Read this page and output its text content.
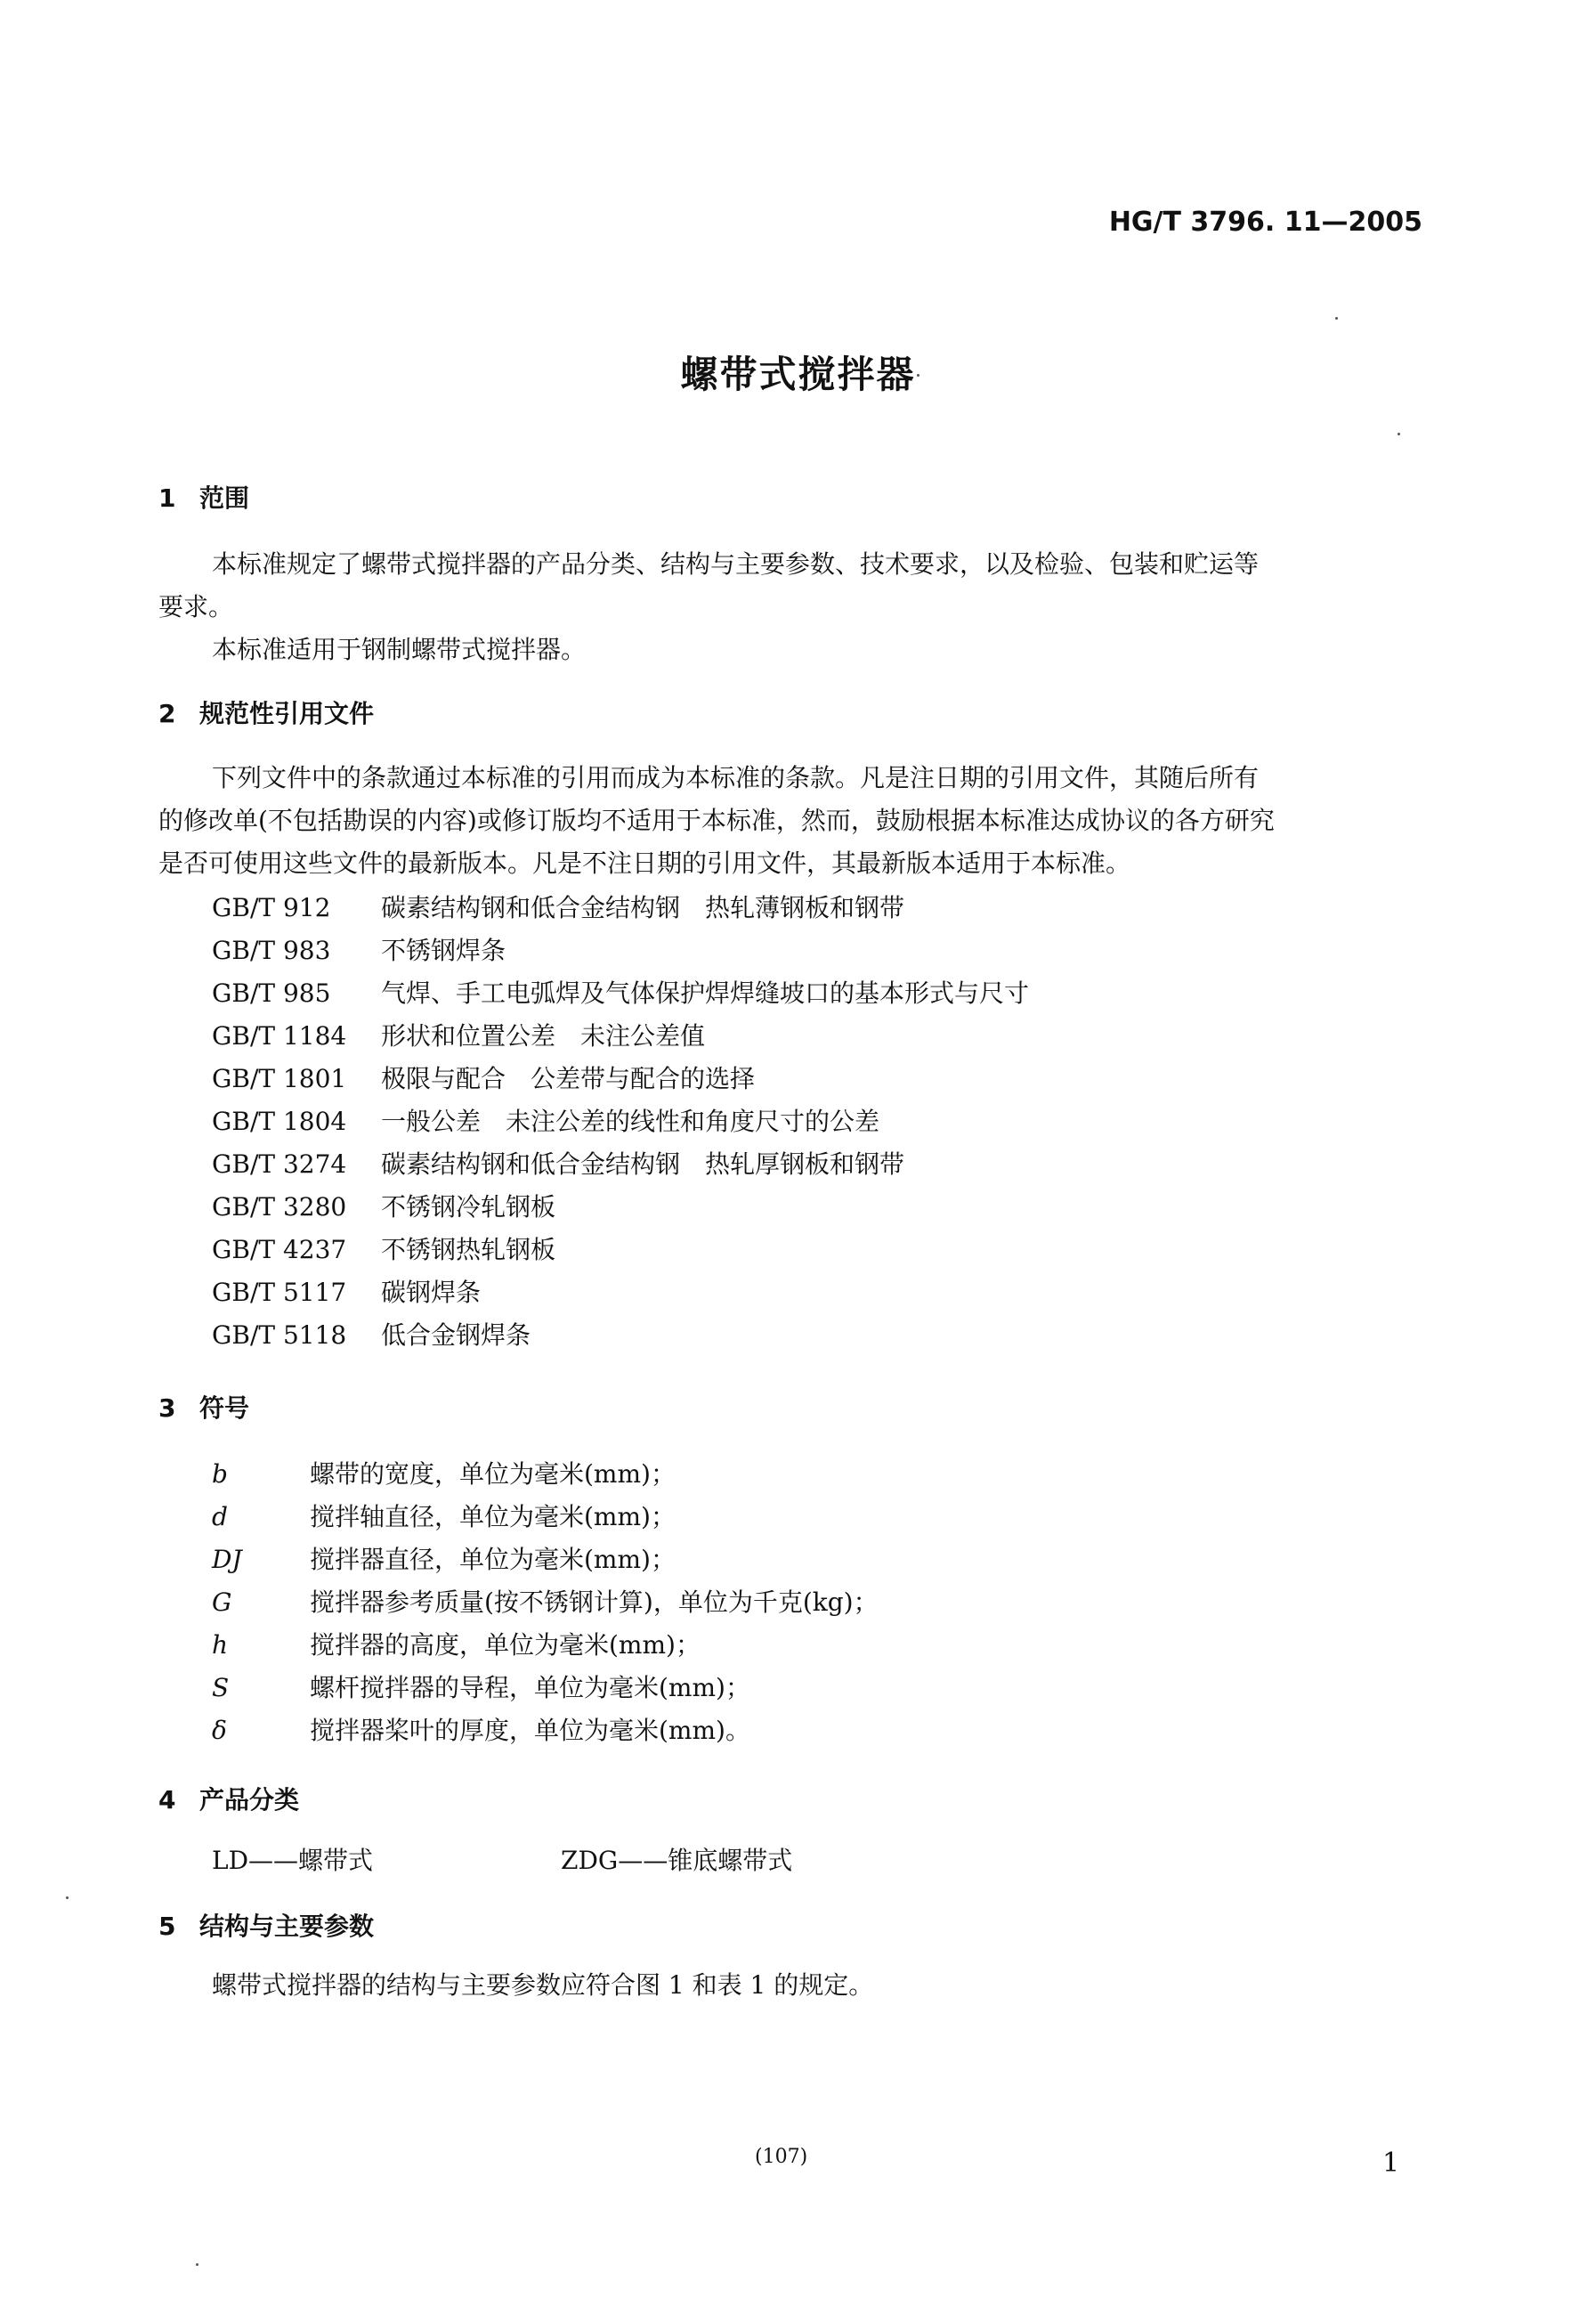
HG/T 3796. 11—2005
螺带式搅拌器
1 范围
本标准规定了螺带式搅拌器的产品分类、结构与主要参数、技术要求，以及检验、包装和贮运等
要求。
本标准适用于钢制螺带式搅拌器。
2 规范性引用文件
下列文件中的条款通过本标准的引用而成为本标准的条款。凡是注日期的引用文件，其随后所有
的修改单(不包括勘误的内容)或修订版均不适用于本标准，然而，鼓励根据本标准达成协议的各方研究
是否可使用这些文件的最新版本。凡是不注日期的引用文件，其最新版本适用于本标准。
GB/T 912 碳素结构钢和低合金结构钢　热轧薄钢板和钢带
GB/T 983 不锈钢焊条
GB/T 985 气焊、手工电弧焊及气体保护焊焊缝坡口的基本形式与尺寸
GB/T 1184 形状和位置公差　未注公差值
GB/T 1801 极限与配合　公差带与配合的选择
GB/T 1804 一般公差　未注公差的线性和角度尺寸的公差
GB/T 3274 碳素结构钢和低合金结构钢　热轧厚钢板和钢带
GB/T 3280 不锈钢冷轧钢板
GB/T 4237 不锈钢热轧钢板
GB/T 5117 碳钢焊条
GB/T 5118 低合金钢焊条
3 符号
b	螺带的宽度，单位为毫米(mm)；
d	搅拌轴直径，单位为毫米(mm)；
DJ	搅拌器直径，单位为毫米(mm)；
G	搅拌器参考质量(按不锈钢计算)，单位为千克(kg)；
h	搅拌器的高度，单位为毫米(mm)；
S	螺杆搅拌器的导程，单位为毫米(mm)；
δ	搅拌器桨叶的厚度，单位为毫米(mm)。
4 产品分类
LD——螺带式	ZDG——锥底螺带式
5 结构与主要参数
螺带式搅拌器的结构与主要参数应符合图 1 和表 1 的规定。
(107)	1
